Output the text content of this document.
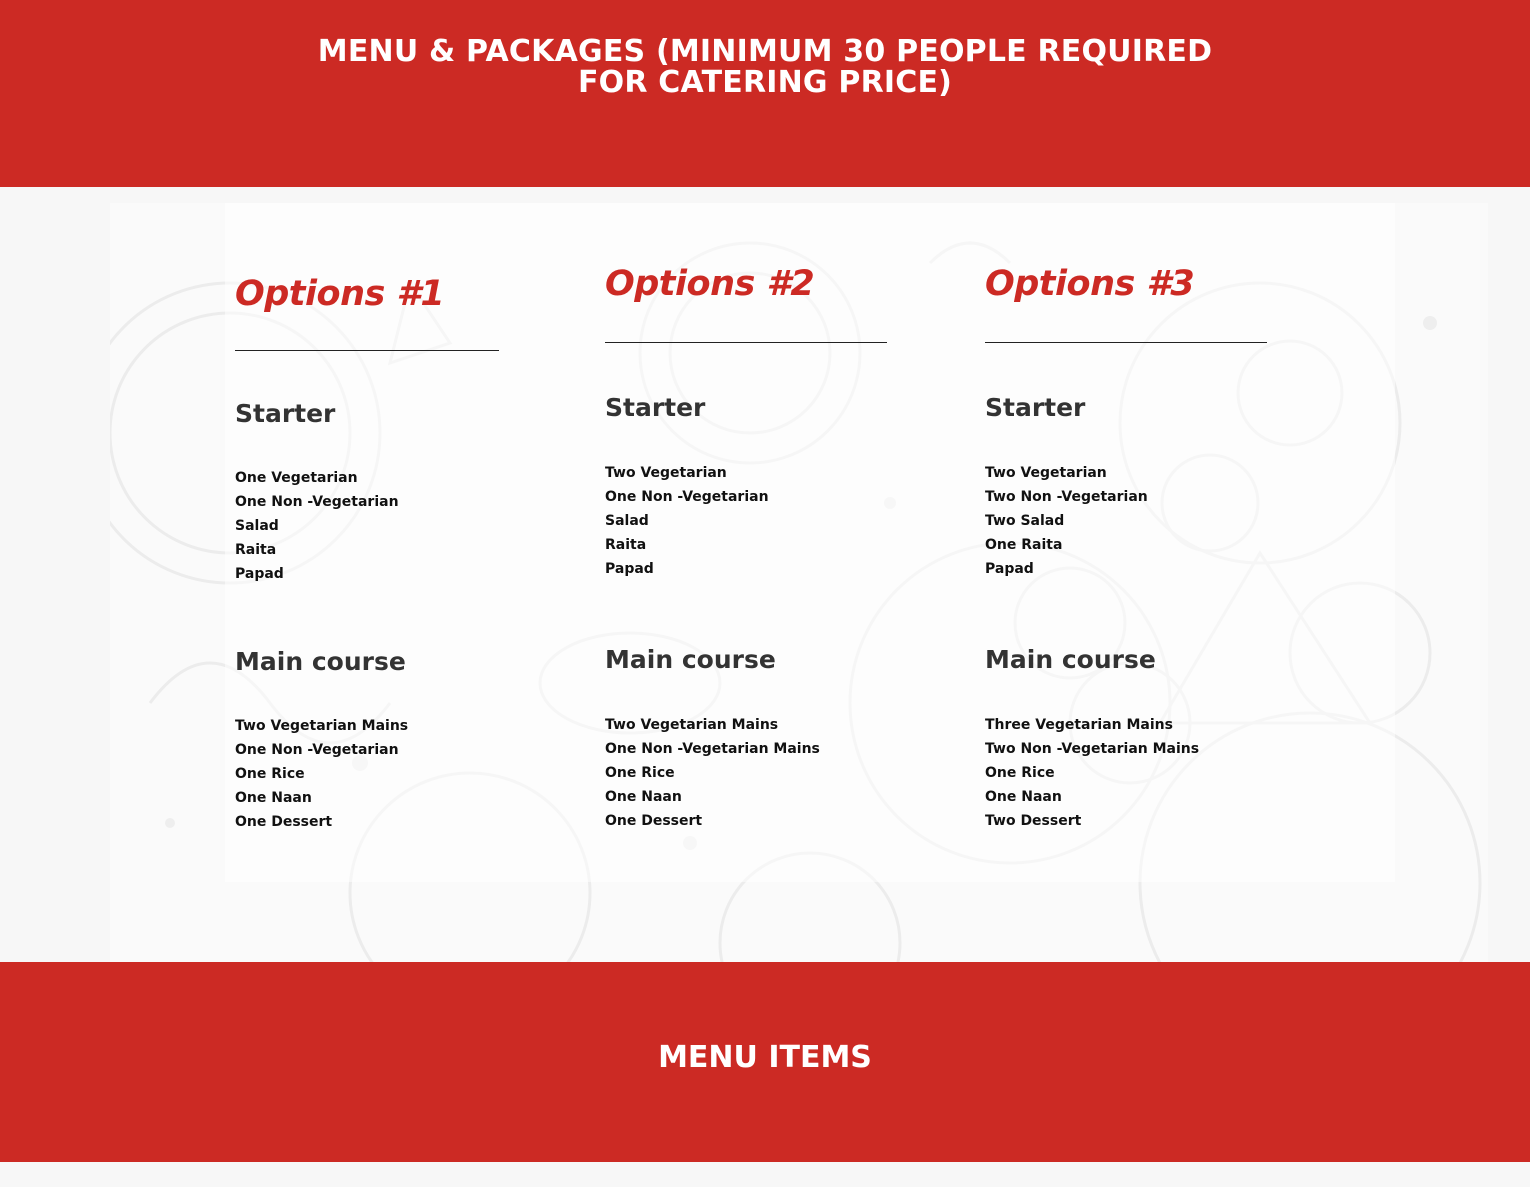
MENU & PACKAGES (MINIMUM 30 PEOPLE REQUIRED
FOR CATERING PRICE)
Options #1
Starter
One Vegetarian
One Non -Vegetarian
Salad
Raita
Papad
Main course
Two Vegetarian Mains
One Non -Vegetarian
One Rice
One Naan
One Dessert
Options #2
Starter
Two Vegetarian
One Non -Vegetarian
Salad
Raita
Papad
Main course
Two Vegetarian Mains
One Non -Vegetarian Mains
One Rice
One Naan
One Dessert
Options #3
Starter
Two Vegetarian
Two Non -Vegetarian
Two Salad
One Raita
Papad
Main course
Three Vegetarian Mains
Two Non -Vegetarian Mains
One Rice
One Naan
Two Dessert
MENU ITEMS
